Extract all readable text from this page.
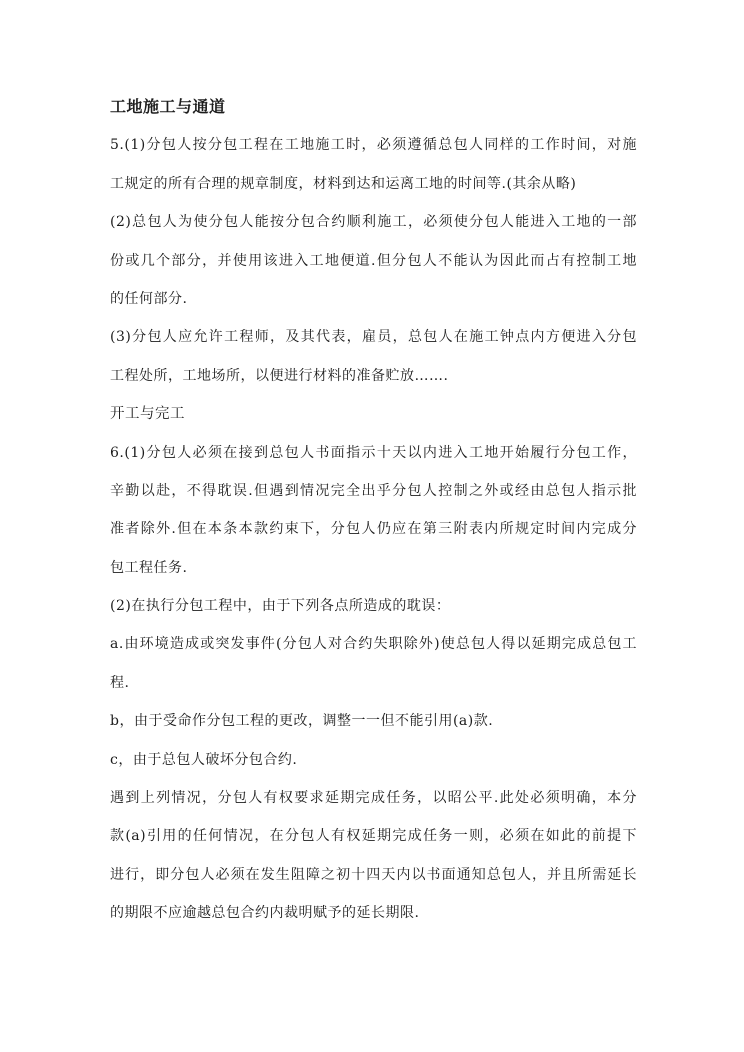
工地施工与通道
5.(1)分包人按分包工程在工地施工时，必须遵循总包人同样的工作时间，对施
工规定的所有合理的规章制度，材料到达和运离工地的时间等.(其余从略)
(2)总包人为使分包人能按分包合约顺利施工，必须使分包人能进入工地的一部
份或几个部分，并使用该进入工地便道.但分包人不能认为因此而占有控制工地
的任何部分.
(3)分包人应允许工程师，及其代表，雇员，总包人在施工钟点内方便进入分包
工程处所，工地场所，以便进行材料的准备贮放…….
开工与完工
6.(1)分包人必须在接到总包人书面指示十天以内进入工地开始履行分包工作，
辛勤以赴，不得耽误.但遇到情况完全出乎分包人控制之外或经由总包人指示批
准者除外.但在本条本款约束下，分包人仍应在第三附表内所规定时间内完成分
包工程任务.
(2)在执行分包工程中，由于下列各点所造成的耽误：
a.由环境造成或突发事件(分包人对合约失职除外)使总包人得以延期完成总包工
程.
b，由于受命作分包工程的更改，调整一一但不能引用(a)款.
c，由于总包人破坏分包合约.
遇到上列情况，分包人有权要求延期完成任务，以昭公平.此处必须明确，本分
款(a)引用的任何情况，在分包人有权延期完成任务一则，必须在如此的前提下
进行，即分包人必须在发生阻障之初十四天内以书面通知总包人，并且所需延长
的期限不应逾越总包合约内裁明赋予的延长期限.
